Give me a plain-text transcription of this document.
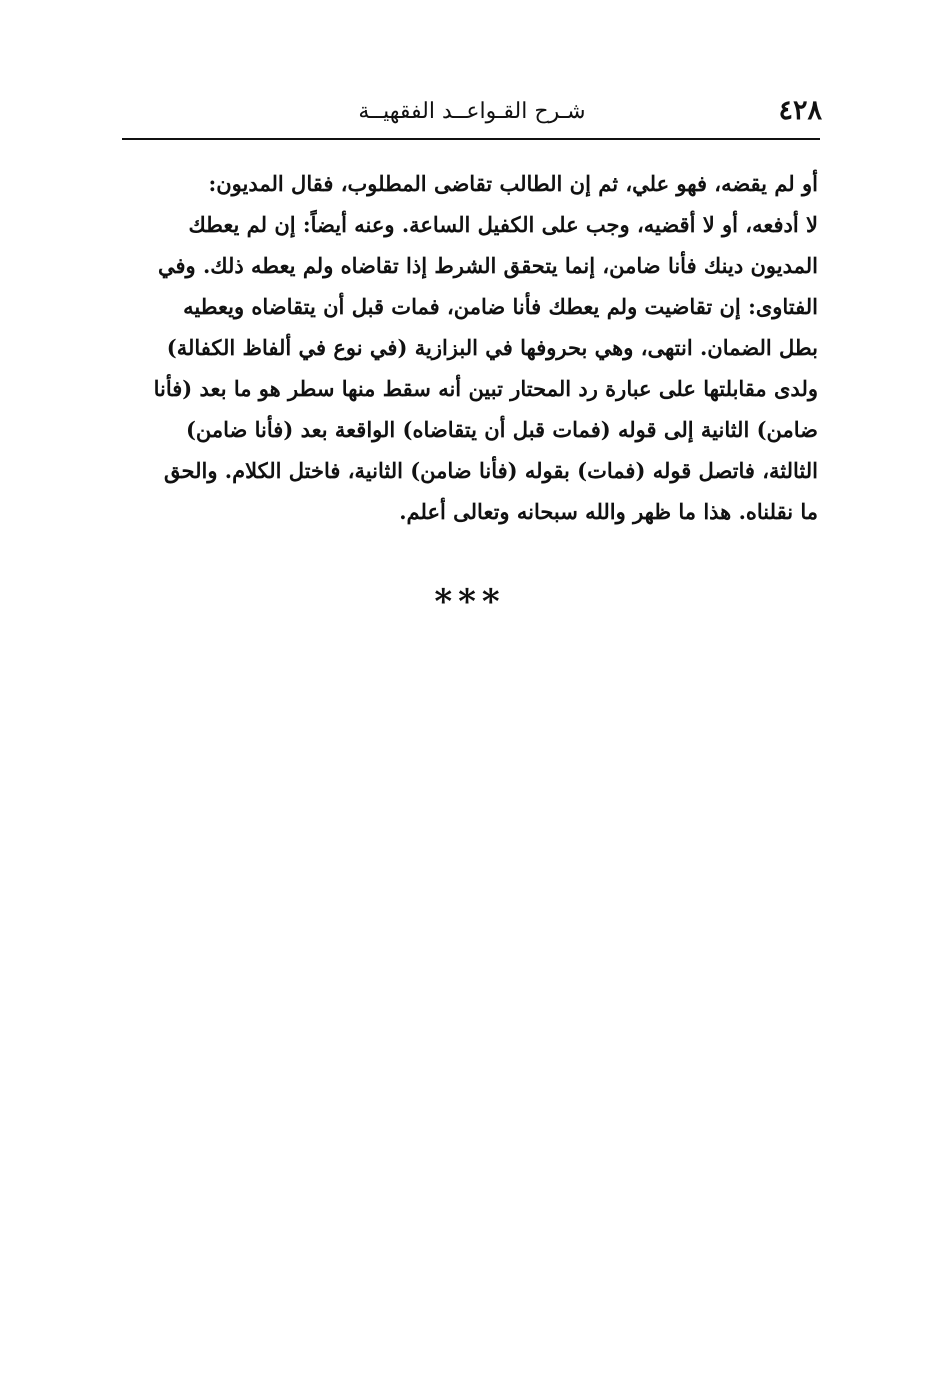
٤٢٨
شـرح القـواعــد الفقهيــة
أو لم يقضه، فهو علي، ثم إن الطالب تقاضى المطلوب، فقال المديون:
لا أدفعه، أو لا أقضيه، وجب على الكفيل الساعة. وعنه أيضاً: إن لم يعطك
المديون دينك فأنا ضامن، إنما يتحقق الشرط إذا تقاضاه ولم يعطه ذلك. وفي
الفتاوى: إن تقاضيت ولم يعطك فأنا ضامن، فمات قبل أن يتقاضاه ويعطيه
بطل الضمان. انتهى، وهي بحروفها في البزازية (في نوع في ألفاظ الكفالة)
ولدى مقابلتها على عبارة رد المحتار تبين أنه سقط منها سطر هو ما بعد (فأنا
ضامن) الثانية إلى قوله (فمات قبل أن يتقاضاه) الواقعة بعد (فأنا ضامن)
الثالثة، فاتصل قوله (فمات) بقوله (فأنا ضامن) الثانية، فاختل الكلام. والحق
ما نقلناه. هذا ما ظهر والله سبحانه وتعالى أعلم.
***
